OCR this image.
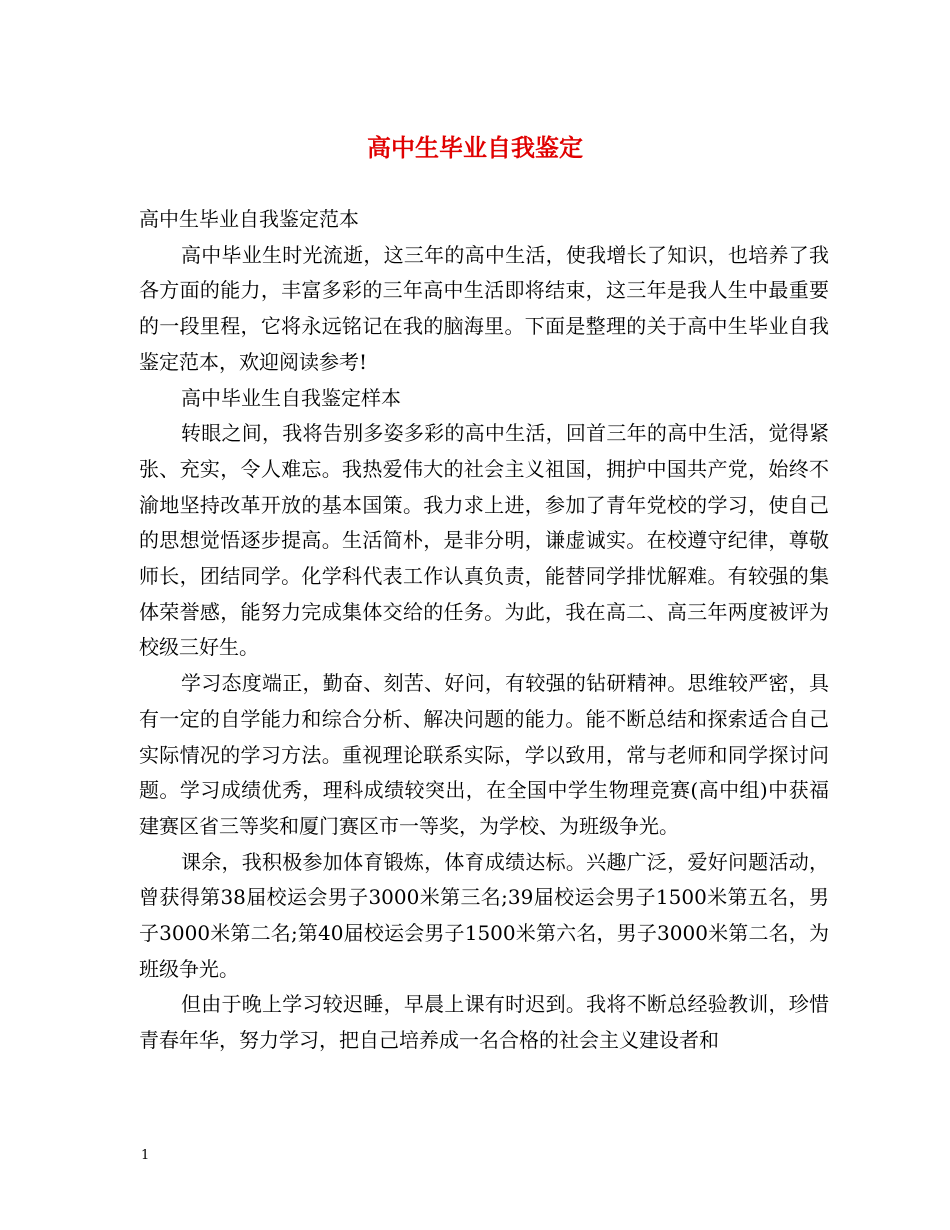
高中生毕业自我鉴定

高中生毕业自我鉴定范本

高中毕业生时光流逝，这三年的高中生活，使我增长了知识，也培养了我各方面的能力，丰富多彩的三年高中生活即将结束，这三年是我人生中最重要的一段里程，它将永远铭记在我的脑海里。下面是整理的关于高中生毕业自我鉴定范本，欢迎阅读参考!

高中毕业生自我鉴定样本

转眼之间，我将告别多姿多彩的高中生活，回首三年的高中生活，觉得紧张、充实，令人难忘。我热爱伟大的社会主义祖国，拥护中国共产党，始终不渝地坚持改革开放的基本国策。我力求上进，参加了青年党校的学习，使自己的思想觉悟逐步提高。生活简朴，是非分明，谦虚诚实。在校遵守纪律，尊敬师长，团结同学。化学科代表工作认真负责，能替同学排忧解难。有较强的集体荣誉感，能努力完成集体交给的任务。为此，我在高二、高三年两度被评为校级三好生。

学习态度端正，勤奋、刻苦、好问，有较强的钻研精神。思维较严密，具有一定的自学能力和综合分析、解决问题的能力。能不断总结和探索适合自己实际情况的学习方法。重视理论联系实际，学以致用，常与老师和同学探讨问题。学习成绩优秀，理科成绩较突出，在全国中学生物理竞赛(高中组)中获福建赛区省三等奖和厦门赛区市一等奖，为学校、为班级争光。

课余，我积极参加体育锻炼，体育成绩达标。兴趣广泛，爱好问题活动，曾获得第38届校运会男子3000米第三名;39届校运会男子1500米第五名，男子3000米第二名;第40届校运会男子1500米第六名，男子3000米第二名，为班级争光。

但由于晚上学习较迟睡，早晨上课有时迟到。我将不断总经验教训，珍惜青春年华，努力学习，把自己培养成一名合格的社会主义建设者和

1
